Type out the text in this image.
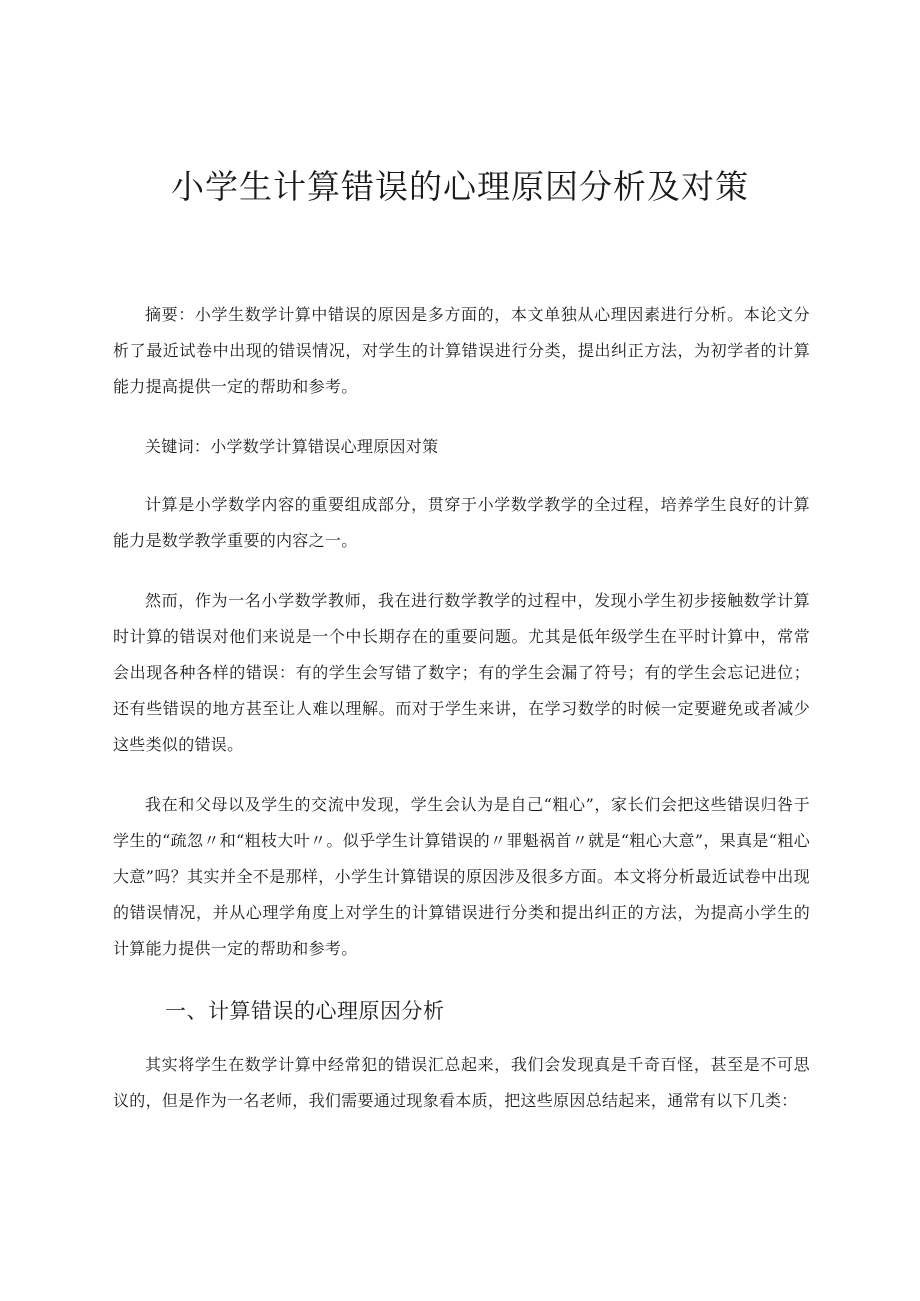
小学生计算错误的心理原因分析及对策

摘要：小学生数学计算中错误的原因是多方面的，本文单独从心理因素进行分析。本论文分析了最近试卷中出现的错误情况，对学生的计算错误进行分类，提出纠正方法，为初学者的计算能力提高提供一定的帮助和参考。

关键词：小学数学计算错误心理原因对策

计算是小学数学内容的重要组成部分，贯穿于小学数学教学的全过程，培养学生良好的计算能力是数学教学重要的内容之一。

然而，作为一名小学数学教师，我在进行数学教学的过程中，发现小学生初步接触数学计算时计算的错误对他们来说是一个中长期存在的重要问题。尤其是低年级学生在平时计算中，常常会出现各种各样的错误：有的学生会写错了数字；有的学生会漏了符号；有的学生会忘记进位；还有些错误的地方甚至让人难以理解。而对于学生来讲，在学习数学的时候一定要避免或者减少这些类似的错误。

我在和父母以及学生的交流中发现，学生会认为是自己“粗心”，家长们会把这些错误归咎于学生的“疏忽〃和“粗枝大叶〃。似乎学生计算错误的〃罪魁祸首〃就是“粗心大意”，果真是“粗心大意”吗？其实并全不是那样，小学生计算错误的原因涉及很多方面。本文将分析最近试卷中出现的错误情况，并从心理学角度上对学生的计算错误进行分类和提出纠正的方法，为提高小学生的计算能力提供一定的帮助和参考。

一、计算错误的心理原因分析

其实将学生在数学计算中经常犯的错误汇总起来，我们会发现真是千奇百怪，甚至是不可思议的，但是作为一名老师，我们需要通过现象看本质，把这些原因总结起来，通常有以下几类：
